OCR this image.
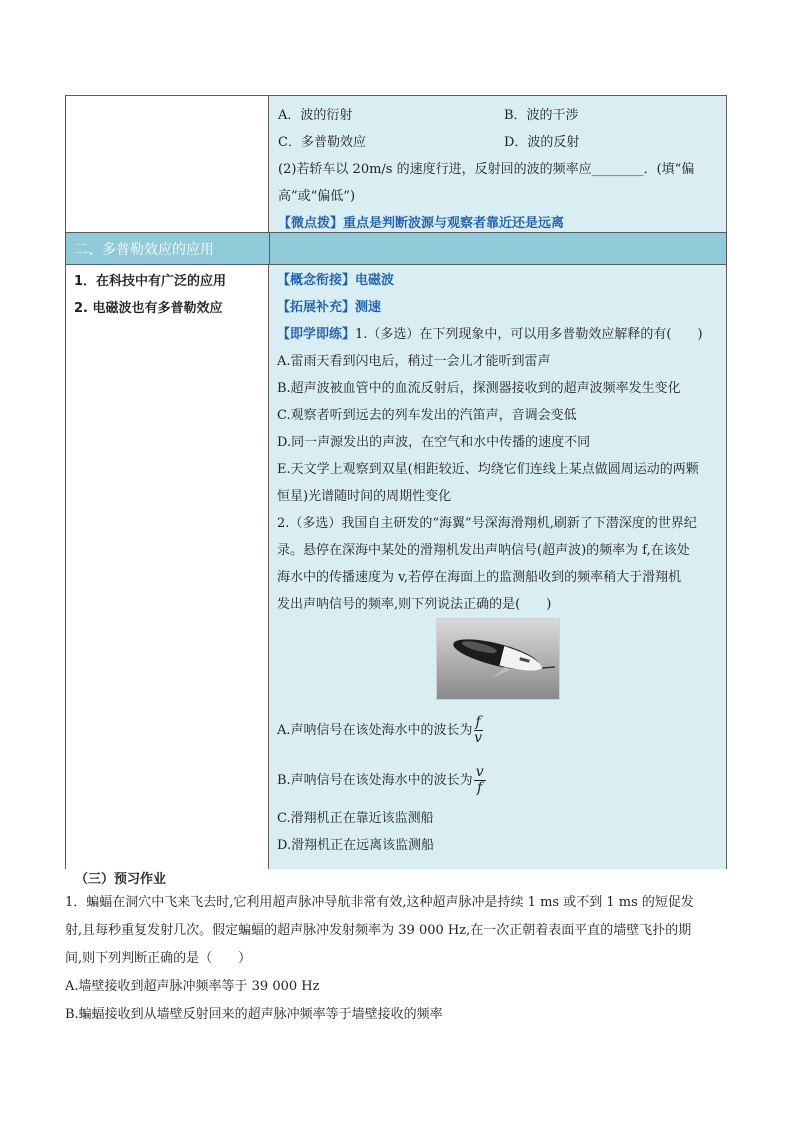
A．波的衍射	B．波的干涉
C．多普勒效应	D．波的反射
(2)若轿车以 20m/s 的速度行进，反射回的波的频率应________．(填“偏
高”或“偏低”)
【微点拨】重点是判断波源与观察者靠近还是远离
二、多普勒效应的应用
1．在科技中有广泛的应用
2. 电磁波也有多普勒效应
【概念衔接】电磁波
【拓展补充】测速
【即学即练】1.（多选）在下列现象中，可以用多普勒效应解释的有(　　)
A.雷雨天看到闪电后，稍过一会儿才能听到雷声
B.超声波被血管中的血流反射后，探测器接收到的超声波频率发生变化
C.观察者听到远去的列车发出的汽笛声，音调会变低
D.同一声源发出的声波，在空气和水中传播的速度不同
E.天文学上观察到双星(相距较近、均绕它们连线上某点做圆周运动的两颗
恒星)光谱随时间的周期性变化
2.（多选）我国自主研发的“海翼”号深海滑翔机,刷新了下潜深度的世界纪
录。悬停在深海中某处的滑翔机发出声呐信号(超声波)的频率为 f,在该处
海水中的传播速度为 v,若停在海面上的监测船收到的频率稍大于滑翔机
发出声呐信号的频率,则下列说法正确的是(　　)
A.声呐信号在该处海水中的波长为 $\frac{f}{v}$
B.声呐信号在该处海水中的波长为 $\frac{v}{f}$
C.滑翔机正在靠近该监测船
D.滑翔机正在远离该监测船
（三）预习作业
1．蝙蝠在洞穴中飞来飞去时,它利用超声脉冲导航非常有效,这种超声脉冲是持续 1 ms 或不到 1 ms 的短促发
射,且每秒重复发射几次。假定蝙蝠的超声脉冲发射频率为 39 000 Hz,在一次正朝着表面平直的墙壁飞扑的期
间,则下列判断正确的是（　　）
A.墙壁接收到超声脉冲频率等于 39 000 Hz
B.蝙蝠接收到从墙壁反射回来的超声脉冲频率等于墙壁接收的频率
